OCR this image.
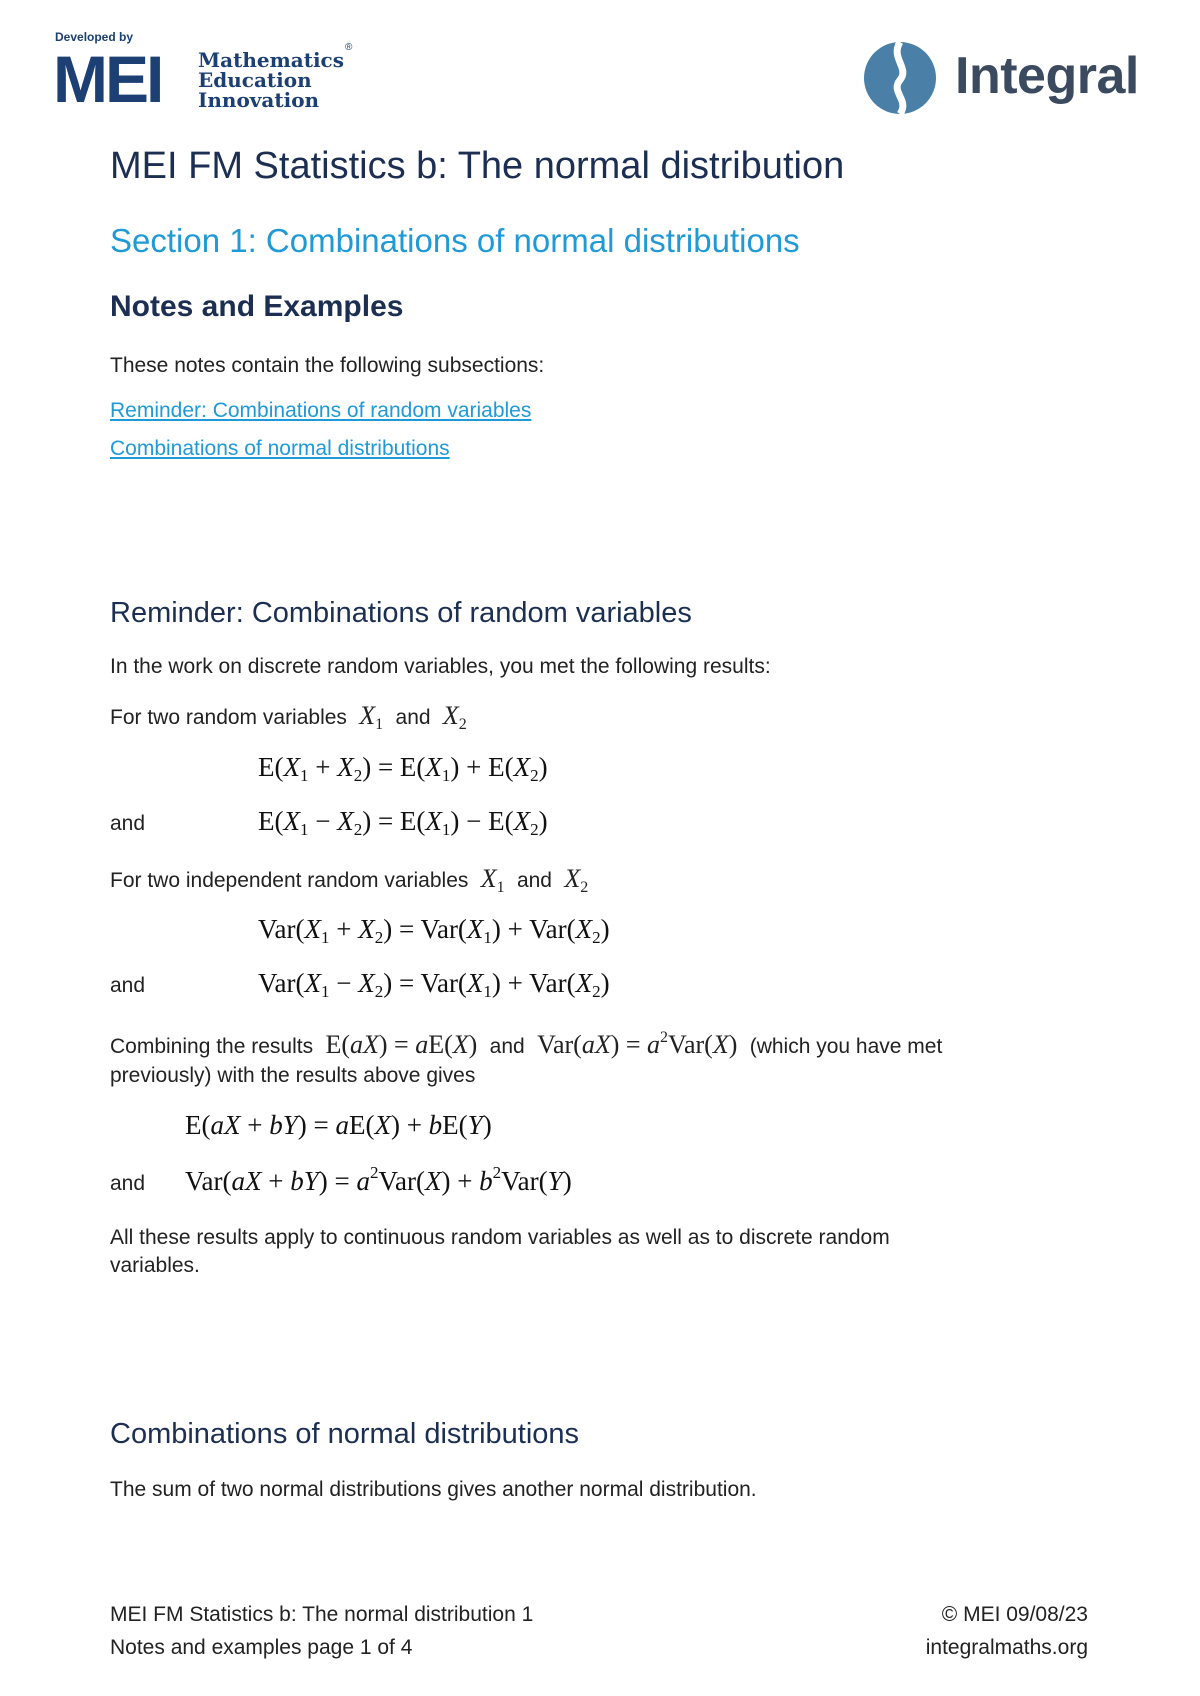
Developed by
MEI Mathematics
Education
Innovation
®	Integral
MEI FM Statistics b: The normal distribution
Section 1: Combinations of normal distributions
Notes and Examples
These notes contain the following subsections:
Reminder: Combinations of random variables
Combinations of normal distributions
Reminder: Combinations of random variables
In the work on discrete random variables, you met the following results:
For two random variables $X_1$ and $X_2$
$E(X_1 + X_2) = E(X_1) + E(X_2)$
and	$E(X_1 - X_2) = E(X_1) - E(X_2)$
For two independent random variables $X_1$ and $X_2$
$Var(X_1 + X_2) = Var(X_1) + Var(X_2)$
and	$Var(X_1 - X_2) = Var(X_1) + Var(X_2)$
Combining the results  E(aX) = aE(X)  and  $Var(aX) = a^2Var(X)$  (which you have met
previously) with the results above gives
E(aX + bY) = aE(X) + bE(Y)
and $Var(aX + bY) = a^2Var(X) + b^2Var(Y)$
All these results apply to continuous random variables as well as to discrete random
variables.
Combinations of normal distributions
The sum of two normal distributions gives another normal distribution.
MEI FM Statistics b: The normal distribution 1
Notes and examples page 1 of 4
© MEI 09/08/23
integralmaths.org
